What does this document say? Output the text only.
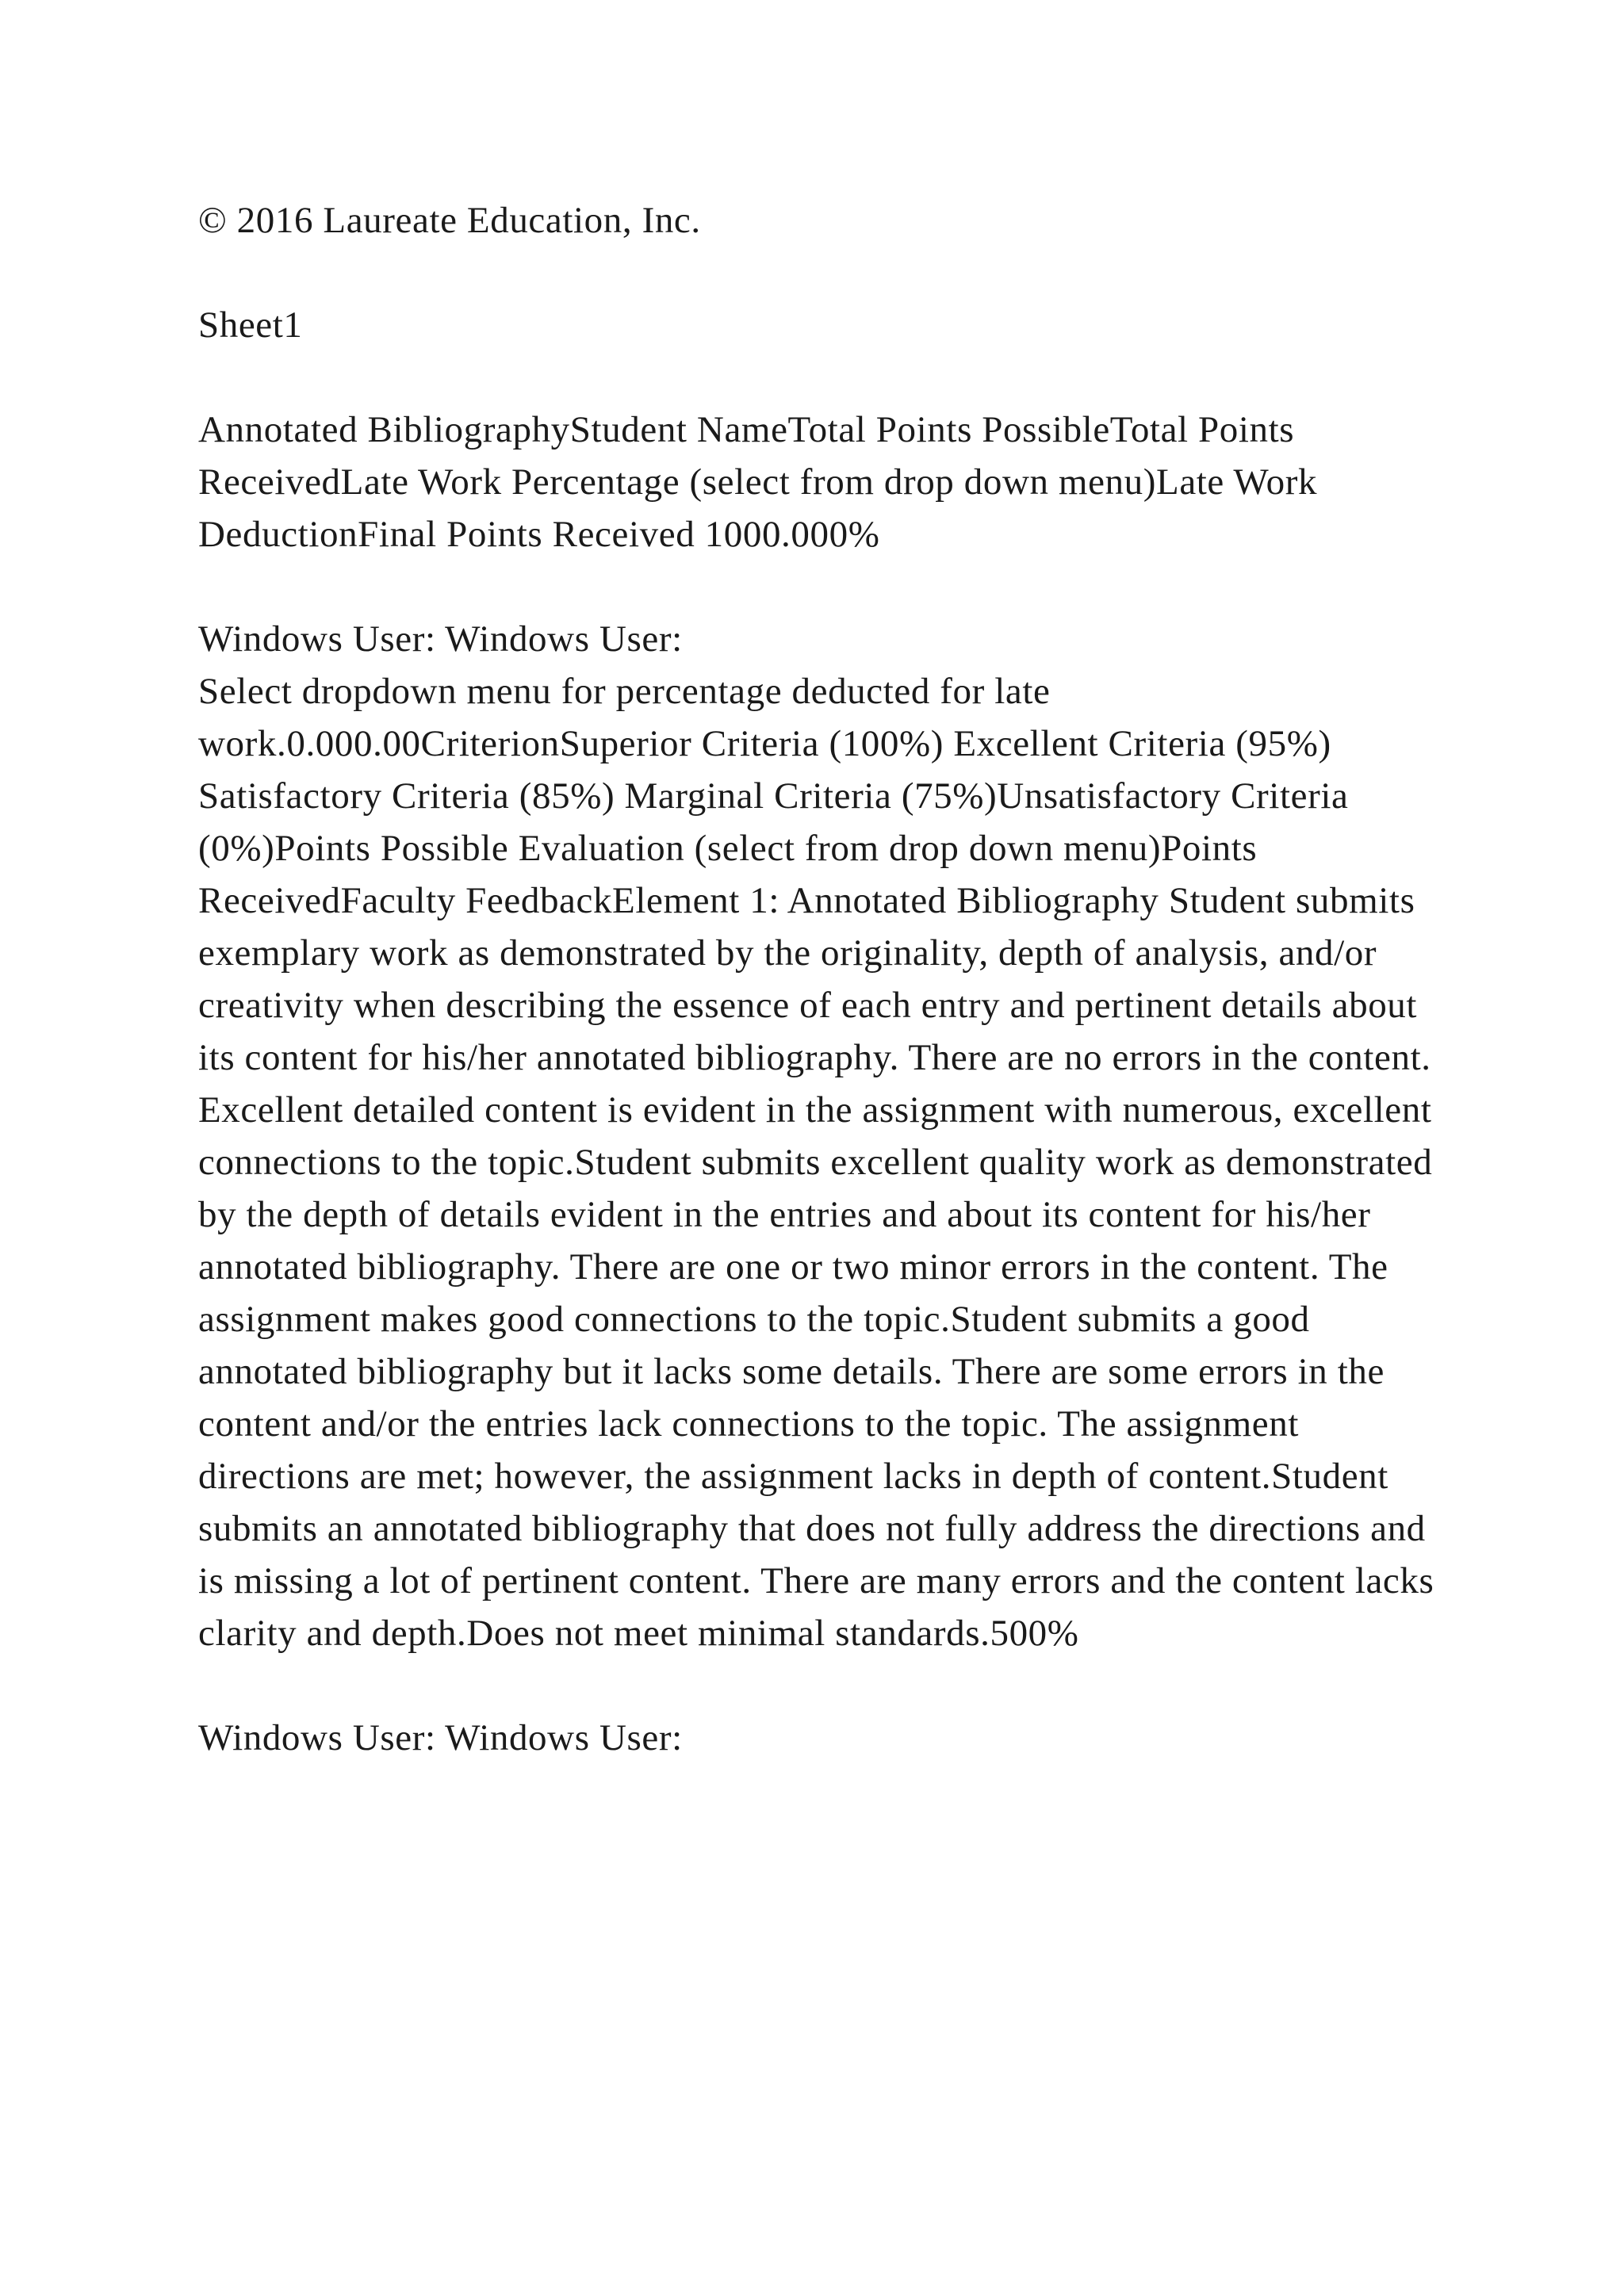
© 2016 Laureate Education, Inc.

Sheet1

Annotated BibliographyStudent NameTotal Points PossibleTotal Points ReceivedLate Work Percentage (select from drop down menu)Late Work DeductionFinal Points Received 1000.000%

Windows User: Windows User:

Select dropdown menu for percentage deducted for late work.0.000.00CriterionSuperior Criteria (100%) Excellent Criteria (95%) Satisfactory Criteria (85%) Marginal Criteria (75%)Unsatisfactory Criteria (0%)Points Possible Evaluation (select from drop down menu)Points ReceivedFaculty FeedbackElement 1: Annotated Bibliography Student submits exemplary work as demonstrated by the originality, depth of analysis, and/or creativity when describing the essence of each entry and pertinent details about its content for his/her annotated bibliography. There are no errors in the content. Excellent detailed content is evident in the assignment with numerous, excellent connections to the topic.Student submits excellent quality work as demonstrated by the depth of details evident in the entries and about its content for his/her annotated bibliography. There are one or two minor errors in the content. The assignment makes good connections to the topic.Student submits a good annotated bibliography but it lacks some details. There are some errors in the content and/or the entries lack connections to the topic. The assignment directions are met; however, the assignment lacks in depth of content.Student submits an annotated bibliography that does not fully address the directions and is missing a lot of pertinent content. There are many errors and the content lacks clarity and depth.Does not meet minimal standards.500%

Windows User: Windows User:
